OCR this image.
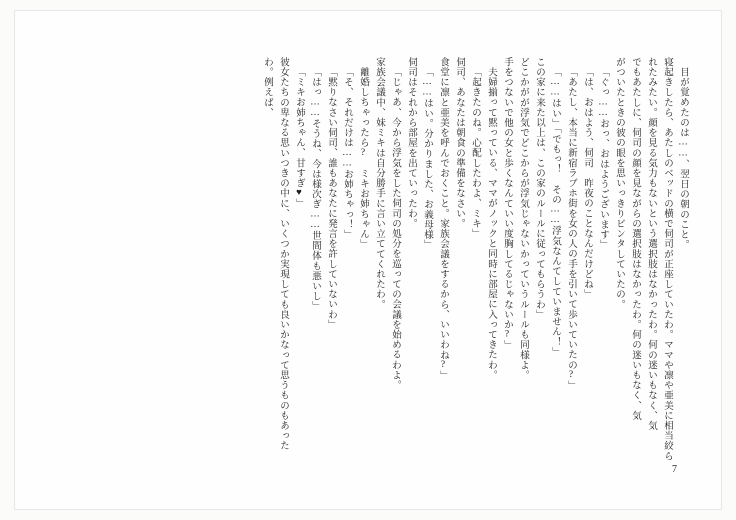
目が覚めたのは……、翌日の朝のこと。

寝起きしたら、あたしのベッドの横で伺司が正座していたわ。ママや凛や亜美に相当絞ら

れたみたい。顔を見る気力もないという選択肢はなかったわ。何の迷いもなく、気

でもあたしに、伺司の顔を見ながらの選択肢はなかったわ。何の迷いもなく、気

がついたときの彼の眼を思いっきりビンタしていたの。

「ぐっ……おっ、おはようございます」

「は、おはよう、伺司　昨夜のことなんだけどね」

「あたし、本当に新宿ラブホ街を女の人の手を引いて歩いていたの?」

「……はい」「でもっ！　その……浮気なんてしていません！」

この家に来た以上は、この家のルールに従ってもらうわ」

どこかがが浮気でどこからが浮気じゃないかっていうルールも同様よ。

手をつないで他の女と歩くなんていい度胸してるじゃないか?」

夫婦揃って黙っている、ママがノックと同時に部屋に入ってきたわ。

「起きたのね。心配したわよ、ミキ」

伺司、あなたは朝食の準備をなさい。

食堂に凛と亜美を呼んでおくこと。家族会議をするから、いいわね?」

「……はい。分かりました、お義母様」

伺司はそれから部屋を出ていったわ。

「じゃあ、今から浮気をした伺司の処分を巡っての会議を始めるわよ。

家族会議中、妹ミキは自分勝手に言い立ててくれたわ。

離婚しちゃったら?　ミキお姉ちゃん」

「そ、それだけは……お姉ちゃっ！」

「黙りなさい伺司、誰もあなたに発言を許していないわ」

「はっ……そうね、今は様次ぎ……世間体も悪いし」

「ミキお姉ちゃん、甘すぎ♥」

彼女たちの卑なる思いつきの中に、いくつか実現しても良いかなって思うものもあった

わ。例えば、

7
